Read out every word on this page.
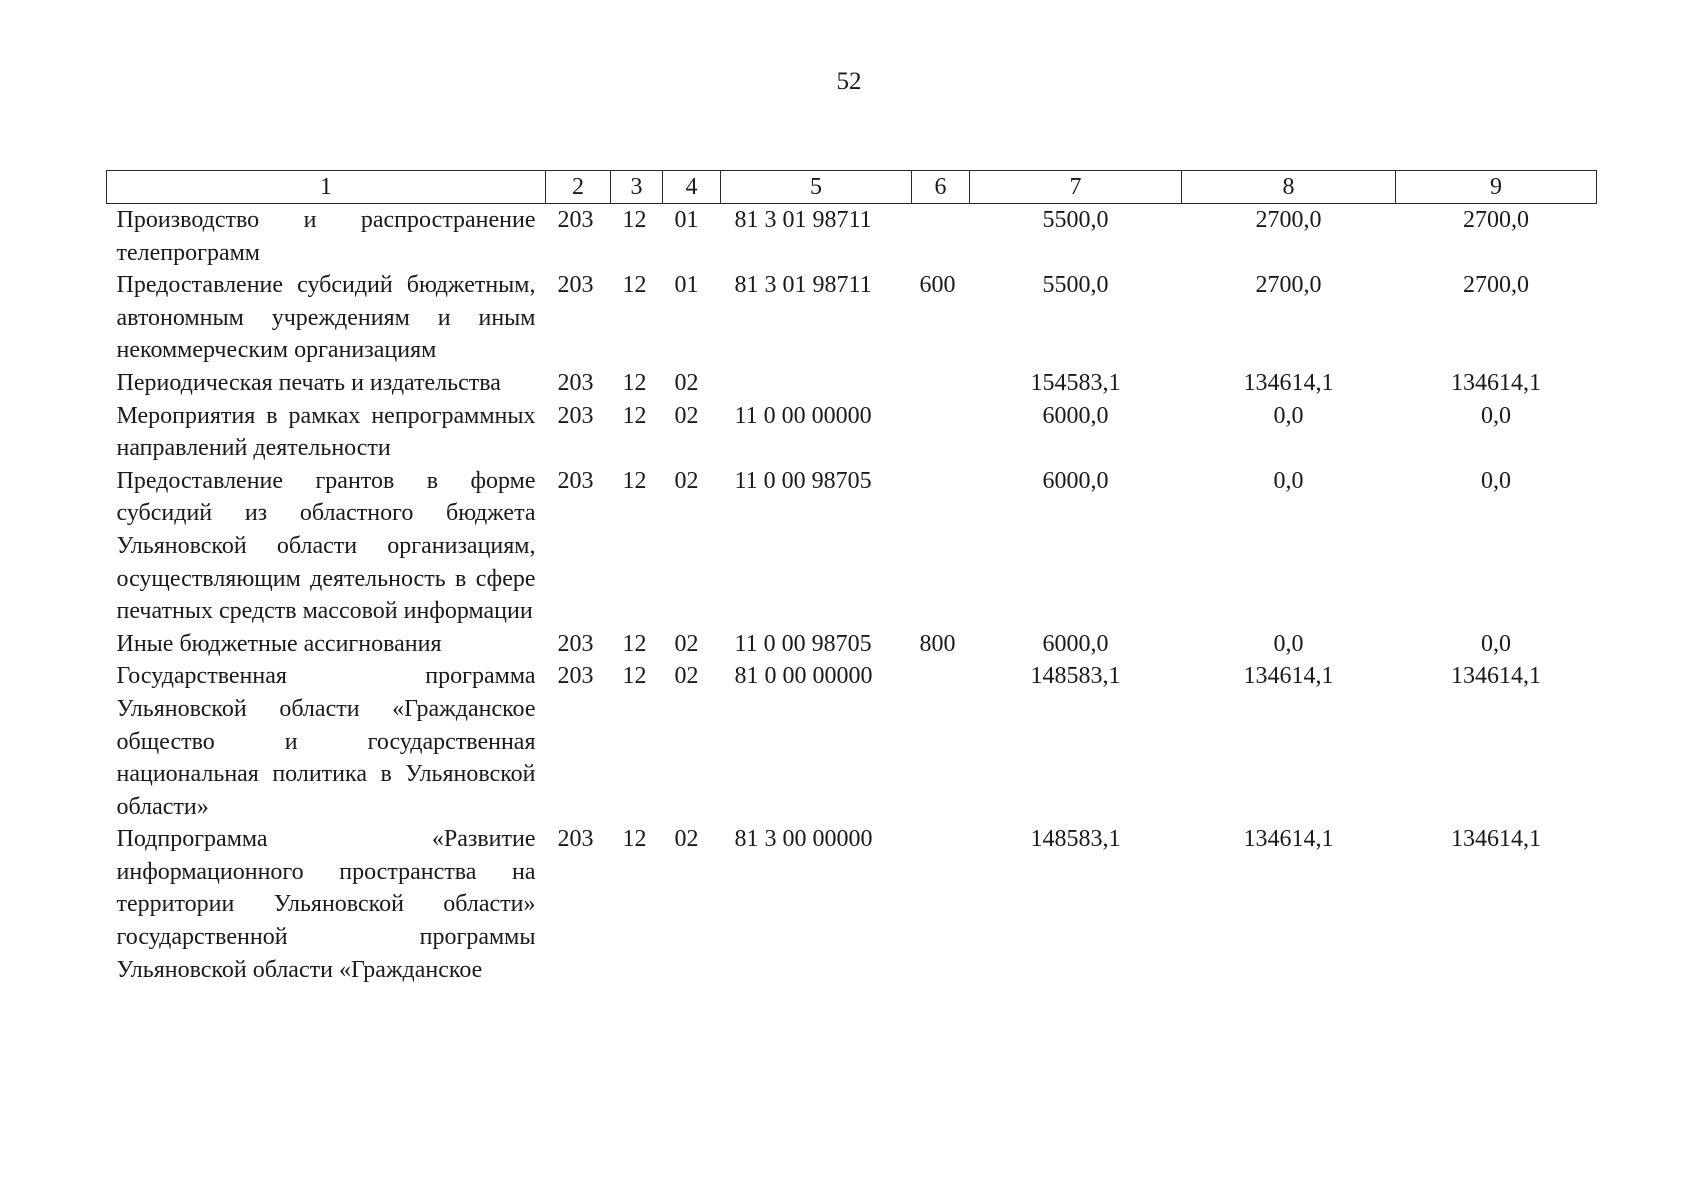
52
1	2	3	4	5	6	7	8	9
Производство и распространение телепрограмм	203	12	01	81 3 01 98711		5500,0	2700,0	2700,0
Предоставление субсидий бюджетным, автономным учреждениям и иным некоммерческим организациям	203	12	01	81 3 01 98711	600	5500,0	2700,0	2700,0
Периодическая печать и издательства	203	12	02			154583,1	134614,1	134614,1
Мероприятия в рамках непрограммных направлений деятельности	203	12	02	11 0 00 00000		6000,0	0,0	0,0
Предоставление грантов в форме субсидий из областного бюджета Ульяновской области организациям, осуществляющим деятельность в сфере печатных средств массовой информации	203	12	02	11 0 00 98705		6000,0	0,0	0,0
Иные бюджетные ассигнования	203	12	02	11 0 00 98705	800	6000,0	0,0	0,0
Государственная программа Ульяновской области «Гражданское общество и государственная национальная политика в Ульяновской области»	203	12	02	81 0 00 00000		148583,1	134614,1	134614,1
Подпрограмма «Развитие информационного пространства на территории Ульяновской области» государственной программы Ульяновской области «Гражданское	203	12	02	81 3 00 00000		148583,1	134614,1	134614,1
